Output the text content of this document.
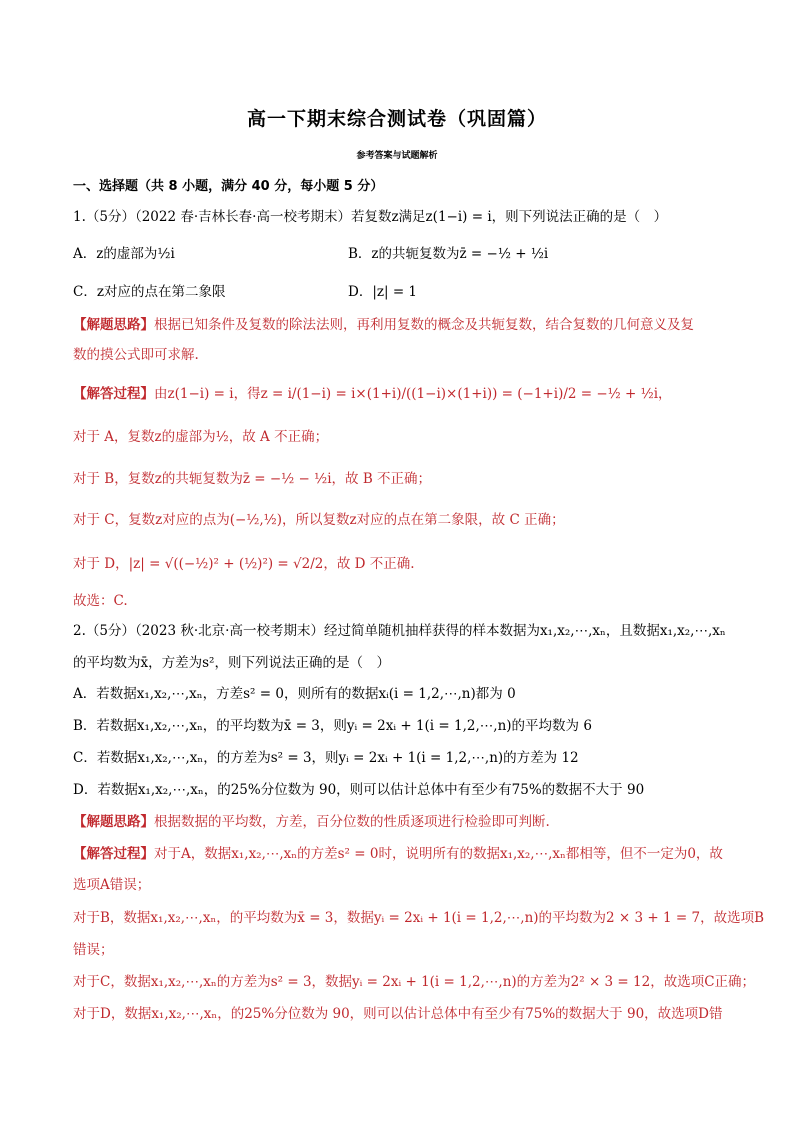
高一下期末综合测试卷（巩固篇）
参考答案与试题解析
一、选择题（共 8 小题，满分 40 分，每小题 5 分）
1.（5分）（2022 春·吉林长春·高一校考期末）若复数z满足z(1−i) = i，则下列说法正确的是（　）
A．z的虚部为½i	B．z的共轭复数为z̄ = −½ + ½i
C．z对应的点在第二象限	D．|z| = 1
【解题思路】根据已知条件及复数的除法法则，再利用复数的概念及共轭复数，结合复数的几何意义及复
数的摸公式即可求解.
【解答过程】由z(1−i) = i，得z = i/(1−i) = i×(1+i)/((1−i)×(1+i)) = (−1+i)/2 = −½ + ½i，
对于 A，复数z的虚部为½，故 A 不正确；
对于 B，复数z的共轭复数为z̄ = −½ − ½i，故 B 不正确；
对于 C，复数z对应的点为(−½,½)，所以复数z对应的点在第二象限，故 C 正确；
对于 D，|z| = √((−½)² + (½)²) = √2/2，故 D 不正确.
故选：C.
2.（5分）（2023 秋·北京·高一校考期末）经过简单随机抽样获得的样本数据为x₁,x₂,⋯,xₙ，且数据x₁,x₂,⋯,xₙ
的平均数为x̄，方差为s²，则下列说法正确的是（　）
A．若数据x₁,x₂,⋯,xₙ，方差s² = 0，则所有的数据xᵢ(i = 1,2,⋯,n)都为 0
B．若数据x₁,x₂,⋯,xₙ，的平均数为x̄ = 3，则yᵢ = 2xᵢ + 1(i = 1,2,⋯,n)的平均数为 6
C．若数据x₁,x₂,⋯,xₙ，的方差为s² = 3，则yᵢ = 2xᵢ + 1(i = 1,2,⋯,n)的方差为 12
D．若数据x₁,x₂,⋯,xₙ，的25%分位数为 90，则可以估计总体中有至少有75%的数据不大于 90
【解题思路】根据数据的平均数，方差，百分位数的性质逐项进行检验即可判断.
【解答过程】对于A，数据x₁,x₂,⋯,xₙ的方差s² = 0时，说明所有的数据x₁,x₂,⋯,xₙ都相等，但不一定为0，故
选项A错误；
对于B，数据x₁,x₂,⋯,xₙ，的平均数为x̄ = 3，数据yᵢ = 2xᵢ + 1(i = 1,2,⋯,n)的平均数为2 × 3 + 1 = 7，故选项B
错误；
对于C，数据x₁,x₂,⋯,xₙ的方差为s² = 3，数据yᵢ = 2xᵢ + 1(i = 1,2,⋯,n)的方差为2² × 3 = 12，故选项C正确；
对于D，数据x₁,x₂,⋯,xₙ，的25%分位数为 90，则可以估计总体中有至少有75%的数据大于 90，故选项D错
